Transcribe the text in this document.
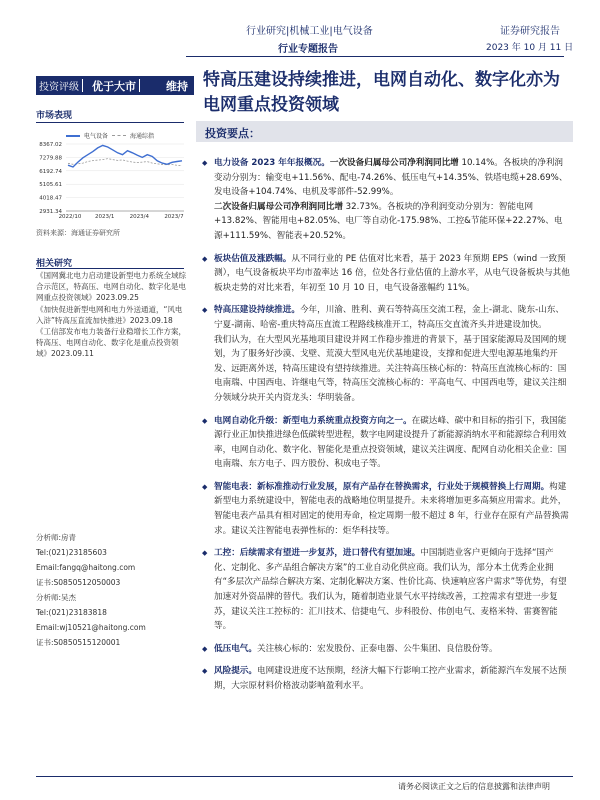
行业研究|机械工业|电气设备
行业专题报告
证券研究报告
2023 年 10 月 11 日
投资评级 优于大市	维持 特高压建设持续推进，电网自动化、数字化亦为电网重点投资领域
市场表现
电气设备	海通综指
8367.02
7279.88
6192.74
5105.61
4018.47
2931.34
2022/10 2023/1	2023/4	2023/7
资料来源：海通证券研究所
相关研究
《国网冀北电力启动建设新型电力系统全域综合示范区，特高压、电网自动化、数字化是电网重点投资领域》2023.09.25
《加快促进新型电网和电力外送通道，“风电入浒”特高压直流加快推进》2023.09.18
《工信部发布电力装备行业稳增长工作方案，特高压、电网自动化、数字化是重点投资领域》2023.09.11
分析师:房青
Tel:(021)23185603
Email:fangq@haitong.com
证书:S0850512050003
分析师:吴杰
Tel:(021)23183818
Email:wj10521@haitong.com
证书:S0850515120001
投资要点：

◆ 电力设备 2023 年年报概况。一次设备归属母公司净利润同比增 10.14%。各板块的净利润变动分别为：输变电+11.56%、配电-74.26%、低压电气+14.35%、铁塔电缆+28.69%、发电设备+104.74%、电机及零部件-52.99%。

二次设备归属母公司净利润同比增 32.73%。各板块的净利润变动分别为：智能电网+13.82%、智能用电+82.05%、电厂等自动化-175.98%、工控&节能环保+22.27%、电源+111.59%、智能表+20.52%。

◆ 板块估值及涨跌幅。从不同行业的 PE 估值对比来看，基于 2023 年预期 EPS（wind 一致预测），电气设备板块平均市盈率达 16 倍，位处各行业估值的上游水平，从电气设备板块与其他板块走势的对比来看，年初至 10 月 10 日，电气设备涨幅约 11%。

◆ 特高压建设持续推进。今年，川渝、胜利、黄石等特高压交流工程，金上-湖北、陇东-山东、宁夏-湖南、哈密-重庆特高压直流工程路线核准开工，特高压交直流齐头并进建设加快。

我们认为，在大型风光基地项目建设并网工作稳步推进的背景下，基于国家能源局及国网的规划，为了服务好沙漠、戈壁、荒漠大型风电光伏基地建设，支撑和促进大型电源基地集约开发、远距离外送，特高压建设有望持续推进。关注特高压核心标的：特高压直流核心标的：国电南瑞、中国西电、许继电气等，特高压交流核心标的：平高电气、中国西电等，建议关注细分领域分块开关内资龙头：华明装备。

◆ 电网自动化升级：新型电力系统重点投资方向之一。在碳达峰、碳中和目标的指引下，我国能源行业正加快推进绿色低碳转型进程，数字电网建设提升了新能源消纳水平和能源综合利用效率，电网自动化、数字化、智能化是重点投资领域，建议关注调度、配网自动化相关企业：国电南瑞、东方电子、四方股份、积成电子等。

◆ 智能电表：新标准推动行业发展，原有产品存在替换需求，行业处于规模替换上行周期。构建新型电力系统建设中，智能电表的战略地位明显提升。未来将增加更多高频应用需求。此外，智能电表产品具有相对固定的使用寿命，检定周期一般不超过 8 年，行业存在原有产品替换需求。建议关注智能电表弹性标的：炬华科技等。

◆ 工控：后续需求有望进一步复苏，进口替代有望加速。中国制造业客户更倾向于选择“国产化、定制化、多产品组合解决方案”的工业自动化供应商。我们认为，部分本土优秀企业拥有“多层次产品综合解决方案、定制化解决方案、性价比高、快速响应客户需求”等优势，有望加速对外资品牌的替代。我们认为，随着制造业景气水平持续改善，工控需求有望进一步复苏，建议关注工控标的：汇川技术、信捷电气、步科股份、伟创电气、麦格米特、雷赛智能等。

◆ 低压电气。关注核心标的：宏发股份、正泰电器、公牛集团、良信股份等。

◆ 风险提示。电网建设进度不达预期，经济大幅下行影响工控产业需求，新能源汽车发展不达预期，大宗原材料价格波动影响盈利水平。

请务必阅读正文之后的信息披露和法律声明
